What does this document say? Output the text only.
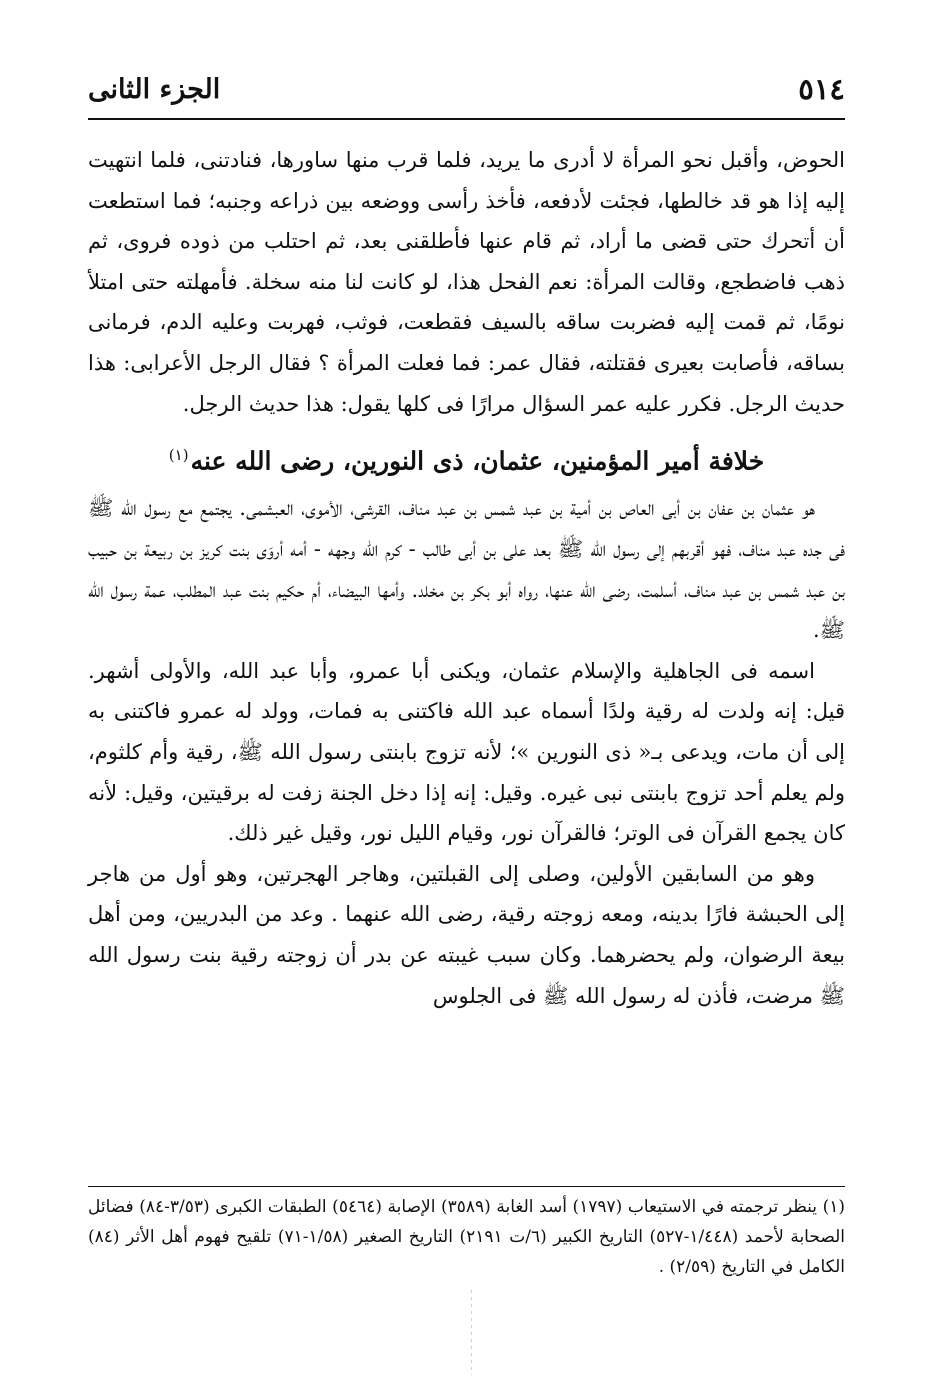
٥١٤
الجزء الثانى

الحوض، وأقبل نحو المرأة لا أدرى ما يريد، فلما قرب منها ساورها، فنادتنى، فلما انتهيت إليه إذا هو قد خالطها، فجئت لأدفعه، فأخذ رأسى ووضعه بين ذراعه وجنبه؛ فما استطعت أن أتحرك حتى قضى ما أراد، ثم قام عنها فأطلقنى بعد، ثم احتلب من ذوده فروى، ثم ذهب فاضطجع، وقالت المرأة: نعم الفحل هذا، لو كانت لنا منه سخلة. فأمهلته حتى امتلأ نومًا، ثم قمت إليه فضربت ساقه بالسيف فقطعت، فوثب، فهربت وعليه الدم، فرمانى بساقه، فأصابت بعيرى فقتلته، فقال عمر: فما فعلت المرأة ؟ فقال الرجل الأعرابى: هذا حديث الرجل. فكرر عليه عمر السؤال مرارًا فى كلها يقول: هذا حديث الرجل.

خلافة أمير المؤمنين، عثمان، ذى النورين، رضى الله عنه$^{(١)}$

هو عثمان بن عفان بن أبى العاص بن أمية بن عبد شمس بن عبد مناف، القرشى، الأموى، العبشمى. يجتمع مع رسول الله ﷺ فى جده عبد مناف، فهو أقربهم إلى رسول الله ﷺ بعد على بن أبى طالب - كرم الله وجهه - أمه أروَى بنت كريز بن ربيعة بن حبيب بن عبد شمس بن عبد مناف، أسلمت، رضى الله عنها، رواه أبو بكر بن مخلد. وأمها البيضاء، أم حكيم بنت عبد المطلب، عمة رسول الله ﷺ.

اسمه فى الجاهلية والإسلام عثمان، ويكنى أبا عمرو، وأبا عبد الله، والأولى أشهر. قيل: إنه ولدت له رقية ولدًا أسماه عبد الله فاكتنى به فمات، وولد له عمرو فاكتنى به إلى أن مات، ويدعى بـ« ذى النورين »؛ لأنه تزوج بابنتى رسول الله ﷺ، رقية وأم كلثوم، ولم يعلم أحد تزوج بابنتى نبى غيره. وقيل: إنه إذا دخل الجنة زفت له برقيتين، وقيل: لأنه كان يجمع القرآن فى الوتر؛ فالقرآن نور، وقيام الليل نور، وقيل غير ذلك.

وهو من السابقين الأولين، وصلى إلى القبلتين، وهاجر الهجرتين، وهو أول من هاجر إلى الحبشة فارًا بدينه، ومعه زوجته رقية، رضى الله عنهما . وعد من البدريين، ومن أهل بيعة الرضوان، ولم يحضرهما. وكان سبب غيبته عن بدر أن زوجته رقية بنت رسول الله ﷺ مرضت، فأذن له رسول الله ﷺ فى الجلوس

(١) ينظر ترجمته في الاستيعاب (١٧٩٧) أسد الغابة (٣٥٨٩) الإصابة (٥٤٦٤) الطبقات الكبرى (٣/٥٣-٨٤) فضائل الصحابة لأحمد (١/٤٤٨-٥٢٧) التاريخ الكبير (٦/ت ٢١٩١) التاريخ الصغير (١/٥٨-٧١) تلقيح فهوم أهل الأثر (٨٤) الكامل في التاريخ (٢/٥٩) .
